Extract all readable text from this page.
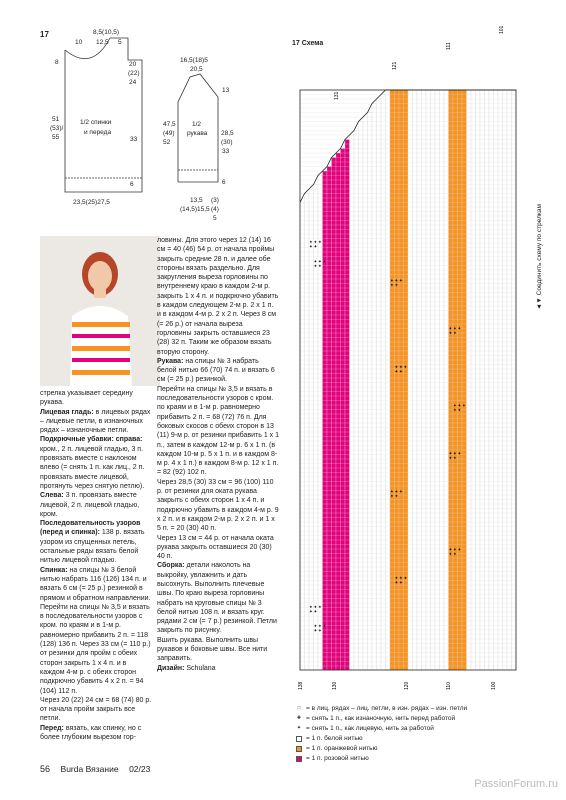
17	8,5(10,5)
10 12,5 5
8	20
(22)
24
51
(53)/
55
1/2 спинки
и переда
33
6
23,5(25)27,5
16,5(18)5
20,5
13
47,5
(49)
52
1/2
рукава 28,5
(30)
33
6
13,5
(14,5)15,5
(3)
(4)
5

стрелка указывает середину рукава.

Лицевая гладь: в лицевых рядах – лицевые петли, в изнаночных рядах – изнаночные петли.

Подкрючные убавки: справа: кром., 2 п. лицевой гладью, 3 п. провязать вместе с наклоном влево (= снять 1 п. как лиц., 2 п. провязать вместе лицевой, протянуть через снятую петлю).

Слева: 3 п. провязать вместе лицевой, 2 п. лицевой гладью, кром.

Последовательность узоров (перед и спинка): 138 р. вязать узором из спущенных петель, остальные ряды вязать белой нитью лицевой гладью.

Спинка: на спицы № 3 белой нитью набрать 116 (126) 134 п. и вязать 6 см (= 25 р.) резинкой в прямом и обратном направлении.

Перейти на спицы № 3,5 и вязать в последовательности узоров с кром. по краям и в 1-м р. равномерно прибавить 2 п. = 118 (128) 136 п. Через 33 см (= 110 р.) от резинки для пройм с обеих сторон закрыть 1 х 4 п. и в каждом 4-м р. с обеих сторон подкрючно убавить 4 х 2 п. = 94 (104) 112 п.

Через 20 (22) 24 см = 68 (74) 80 р. от начала пройм закрыть все петли.

Перед: вязать, как спинку, но с более глубоким вырезом гор-

ловины. Для этого через 12 (14) 16 см = 40 (46) 54 р. от начала проймы закрыть средние 28 п. и далее обе стороны вязать раздельно. Для закругления выреза горловины по внутреннему краю в каждом 2-м р. закрыть 1 х 4 п. и подкрючно убавить в каждом следующем 2-м р. 2 х 1 п. и в каждом 4-м р. 2 х 2 п. Через 8 см (= 26 р.) от начала выреза горловины закрыть оставшиеся 23 (28) 32 п. Таким же образом вязать вторую сторону.

Рукава: на спицы № 3 набрать белой нитью 66 (70) 74 п. и вязать 6 см (= 25 р.) резинкой.

Перейти на спицы № 3,5 и вязать в последовательности узоров с кром. по краям и в 1-м р. равномерно прибавить 2 п. = 68 (72) 76 п. Для боковых скосов с обеих сторон в 13 (11) 9-м р. от резинки прибавить 1 х 1 п., затем в каждом 12-м р. 6 х 1 п. (в каждом 10-м р. 5 х 1 п. и в каждом 8-м р. 4 х 1 п.) в каждом 8-м р. 12 х 1 п. = 82 (92) 102 п.

Через 28,5 (30) 33 см = 96 (100) 110 р. от резинки для оката рукава закрыть с обеих сторон 1 х 4 п. и подкрючно убавить в каждом 4-м р. 9 х 2 п. и в каждом 2-м р. 2 х 2 п. и 1 х 5 п. = 20 (30) 40 п.

Через 13 см = 44 р. от начала оката рукава закрыть оставшиеся 20 (30) 40 п.

Сборка: детали наколоть на выкройку, увлажнить и дать высохнуть. Выполнить плечевые швы. По краю выреза горловины набрать на круговые спицы № 3 белой нитью 108 п. и вязать круг. рядами 2 см (= 7 р.) резинкой. Петли закрыть по рисунку.

Вшить рукава. Выполнить швы рукавов и боковые швы. Все нити заправить.

Дизайн: Schulana

17 Схема
✦ ✦ ✦
✦ ✦
✦ ✦ ✦
✦ ✦
✦ ✦ ✦
✦ ✦
✦ ✦ ✦
✦ ✦
✦ ✦ ✦
✦ ✦
✦ ✦ ✦
✦ ✦
✦ ✦ ✦
✦ ✦
✦ ✦ ✦
✦ ✦
✦ ✦ ✦
✦ ✦
✦ ✦ ✦
✦ ✦
✦ ✦ ✦
✦ ✦
✦ ✦ ✦
✦ ✦
138	130	120	110	100
131
121
111
101
◄▼ Соединить схему по стрелкам
□ = в лиц. рядах – лиц. петли, в изн. рядах – изн. петли
✚ = снять 1 п., как изнаночную, нить перед работой
✦ = снять 1 п., как лицевую, нить за работой
= 1 п. белой нитью
= 1 п. оранжевой нитью
= 1 п. розовой нитью
56 Burda Вязание 02/23
PassionForum.ru
